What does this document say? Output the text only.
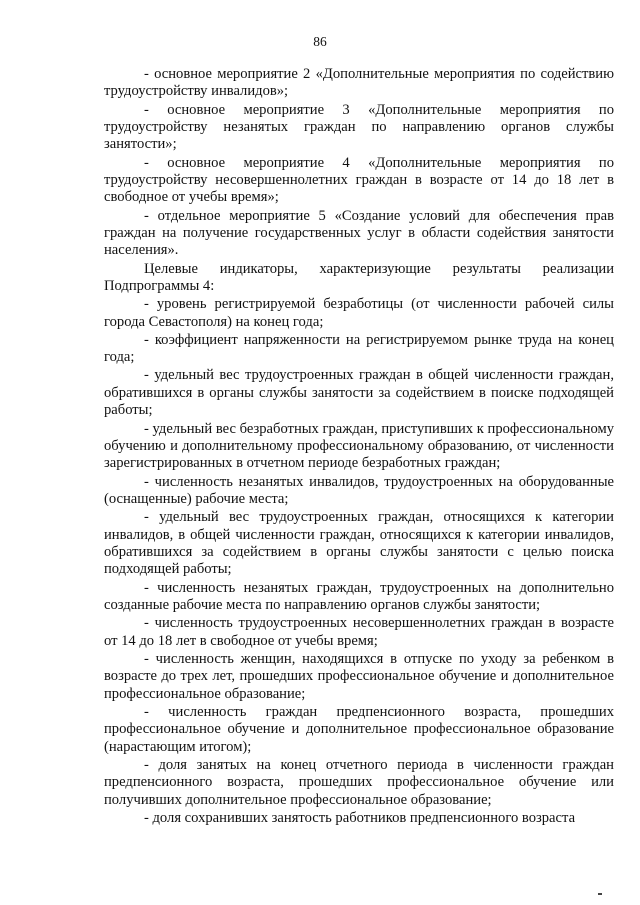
86

- основное мероприятие 2 «Дополнительные мероприятия по содействию трудоустройству инвалидов»;

- основное мероприятие 3 «Дополнительные мероприятия по трудоустройству незанятых граждан по направлению органов службы занятости»;

- основное мероприятие 4 «Дополнительные мероприятия по трудоустройству несовершеннолетних граждан в возрасте от 14 до 18 лет в свободное от учебы время»;

- отдельное мероприятие 5 «Создание условий для обеспечения прав граждан на получение государственных услуг в области содействия занятости населения».

Целевые индикаторы, характеризующие результаты реализации Подпрограммы 4:

- уровень регистрируемой безработицы (от численности рабочей силы города Севастополя) на конец года;

- коэффициент напряженности на регистрируемом рынке труда на конец года;

- удельный вес трудоустроенных граждан в общей численности граждан, обратившихся в органы службы занятости за содействием в поиске подходящей работы;

- удельный вес безработных граждан, приступивших к профессиональному обучению и дополнительному профессиональному образованию, от численности зарегистрированных в отчетном периоде безработных граждан;

- численность незанятых инвалидов, трудоустроенных на оборудованные (оснащенные) рабочие места;

- удельный вес трудоустроенных граждан, относящихся к категории инвалидов, в общей численности граждан, относящихся к категории инвалидов, обратившихся за содействием в органы службы занятости с целью поиска подходящей работы;

- численность незанятых граждан, трудоустроенных на дополнительно созданные рабочие места по направлению органов службы занятости;

- численность трудоустроенных несовершеннолетних граждан в возрасте от 14 до 18 лет в свободное от учебы время;

- численность женщин, находящихся в отпуске по уходу за ребенком в возрасте до трех лет, прошедших профессиональное обучение и дополнительное профессиональное образование;

- численность граждан предпенсионного возраста, прошедших профессиональное обучение и дополнительное профессиональное образование (нарастающим итогом);

- доля занятых на конец отчетного периода в численности граждан предпенсионного возраста, прошедших профессиональное обучение или получивших дополнительное профессиональное образование;

- доля сохранивших занятость работников предпенсионного возраста
